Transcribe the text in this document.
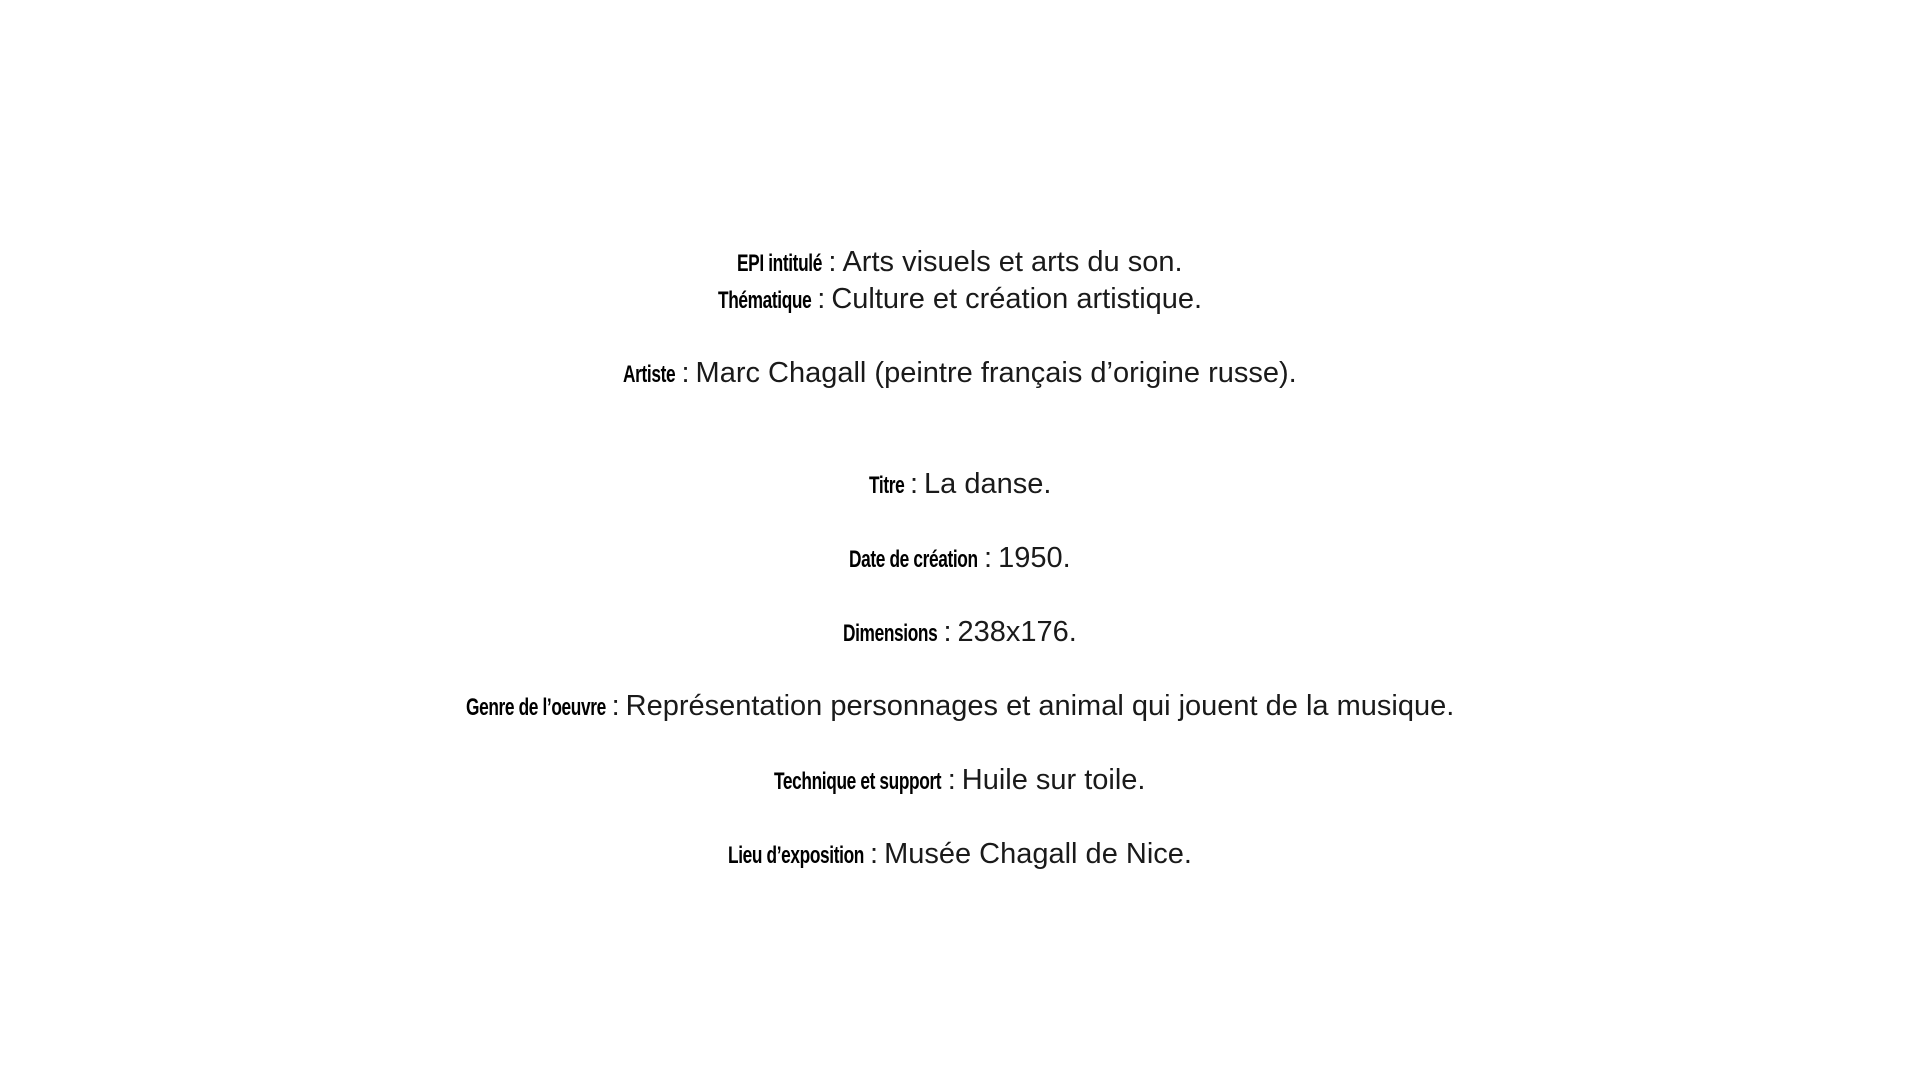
EPI intitulé : Arts visuels et arts du son.
Thématique : Culture et création artistique.
Artiste : Marc Chagall (peintre français d’origine russe).
Titre : La danse.
Date de création : 1950.
Dimensions : 238x176.
Genre de l’oeuvre : Représentation personnages et animal qui jouent de la musique.
Technique et support : Huile sur toile.
Lieu d’exposition : Musée Chagall de Nice.
